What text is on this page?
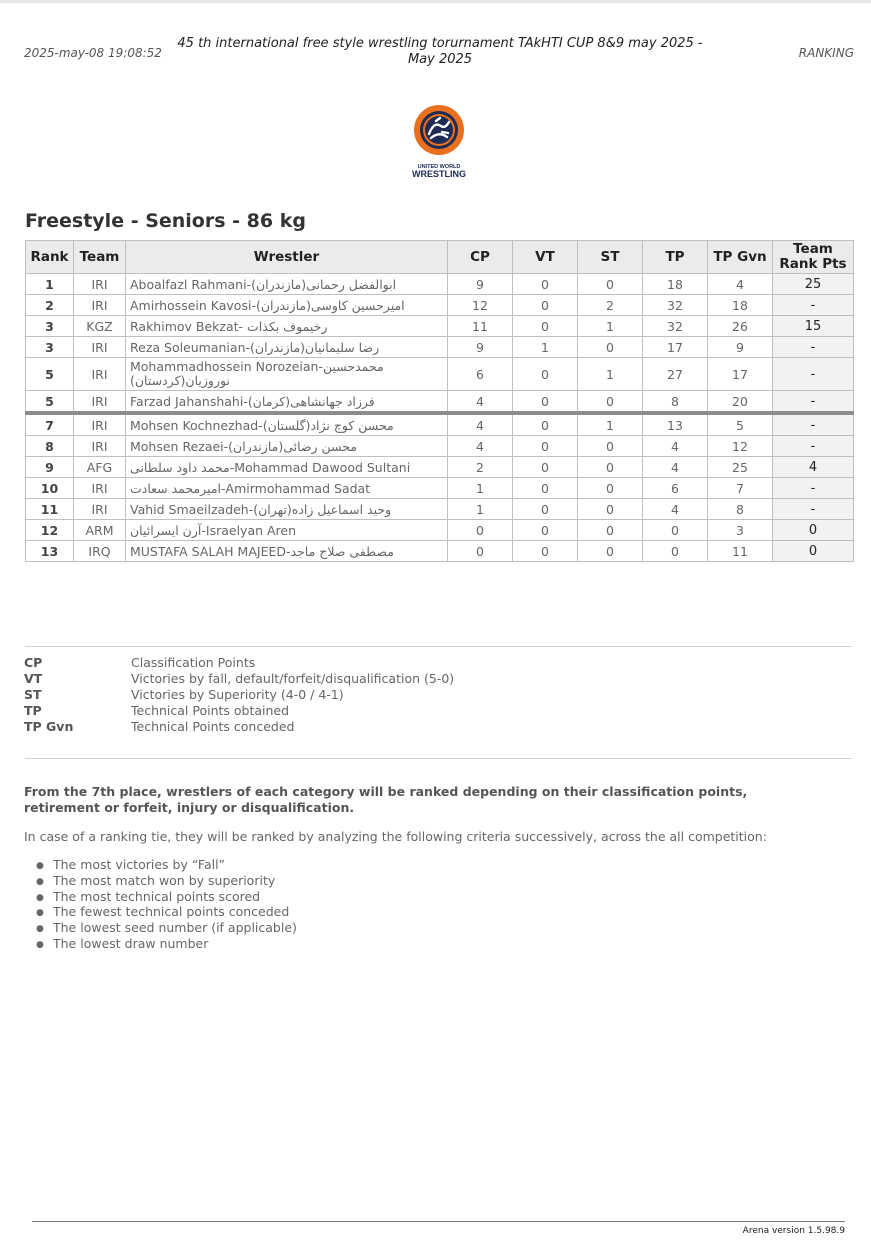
2025-may-08 19:08:52
45 th international free style wrestling torurnament TAkHTI CUP 8&9 may 2025 - May 2025	RANKING
UNITED WORLD
WRESTLING
Freestyle - Seniors - 86 kg
Rank	Team	Wrestler	CP	VT	ST	TP	TP Gvn	Team Rank Pts
1	IRI	Aboalfazl Rahmani-ابوالفضل رحمانی(مازندران)	9	0	0	18	4	25
2	IRI	Amirhossein Kavosi-امیرحسین کاوسی(مازندران)	12	0	2	32	18	-
3	KGZ	Rakhimov Bekzat- رخیموف بکذات	11	0	1	32	26	15
3	IRI	Reza Soleumanian-رضا سلیمانیان(مازندران)	9	1	0	17	9	-
5	IRI	Mohammadhossein Norozeian-محمدحسین نوروزیان(کردستان)	6	0	1	27	17	-
5	IRI	Farzad Jahanshahi-فرزاد جهانشاهی(کرمان)	4	0	0	8	20	-
7	IRI	Mohsen Kochnezhad-محسن کوچ نژاد(گلستان)	4	0	1	13	5	-
8	IRI	Mohsen Rezaei-محسن رضائی(مازندران)	4	0	0	4	12	-
9	AFG	محمد داود سلطانی-Mohammad Dawood Sultani	2	0	0	4	25	4
10	IRI	امیرمحمد سعادت-Amirmohammad Sadat	1	0	0	6	7	-
11	IRI	Vahid Smaeilzadeh-وحید اسماعیل زاده(تهران)	1	0	0	4	8	-
12	ARM	آرن ایسرائیان-Israelyan Aren	0	0	0	0	3	0
13	IRQ	MUSTAFA SALAH MAJEED-مصطفی صلاح ماجد	0	0	0	0	11	0
CP	Classification Points
VT	Victories by fall, default/forfeit/disqualification (5-0)
ST	Victories by Superiority (4-0 / 4-1)
TP	Technical Points obtained
TP Gvn	Technical Points conceded
From the 7th place, wrestlers of each category will be ranked depending on their classification points, retirement or forfeit, injury or disqualification.
In case of a ranking tie, they will be ranked by analyzing the following criteria successively, across the all competition:
● The most victories by “Fall”
● The most match won by superiority
● The most technical points scored
● The fewest technical points conceded
● The lowest seed number (if applicable)
● The lowest draw number
Arena version 1.5.98.9
